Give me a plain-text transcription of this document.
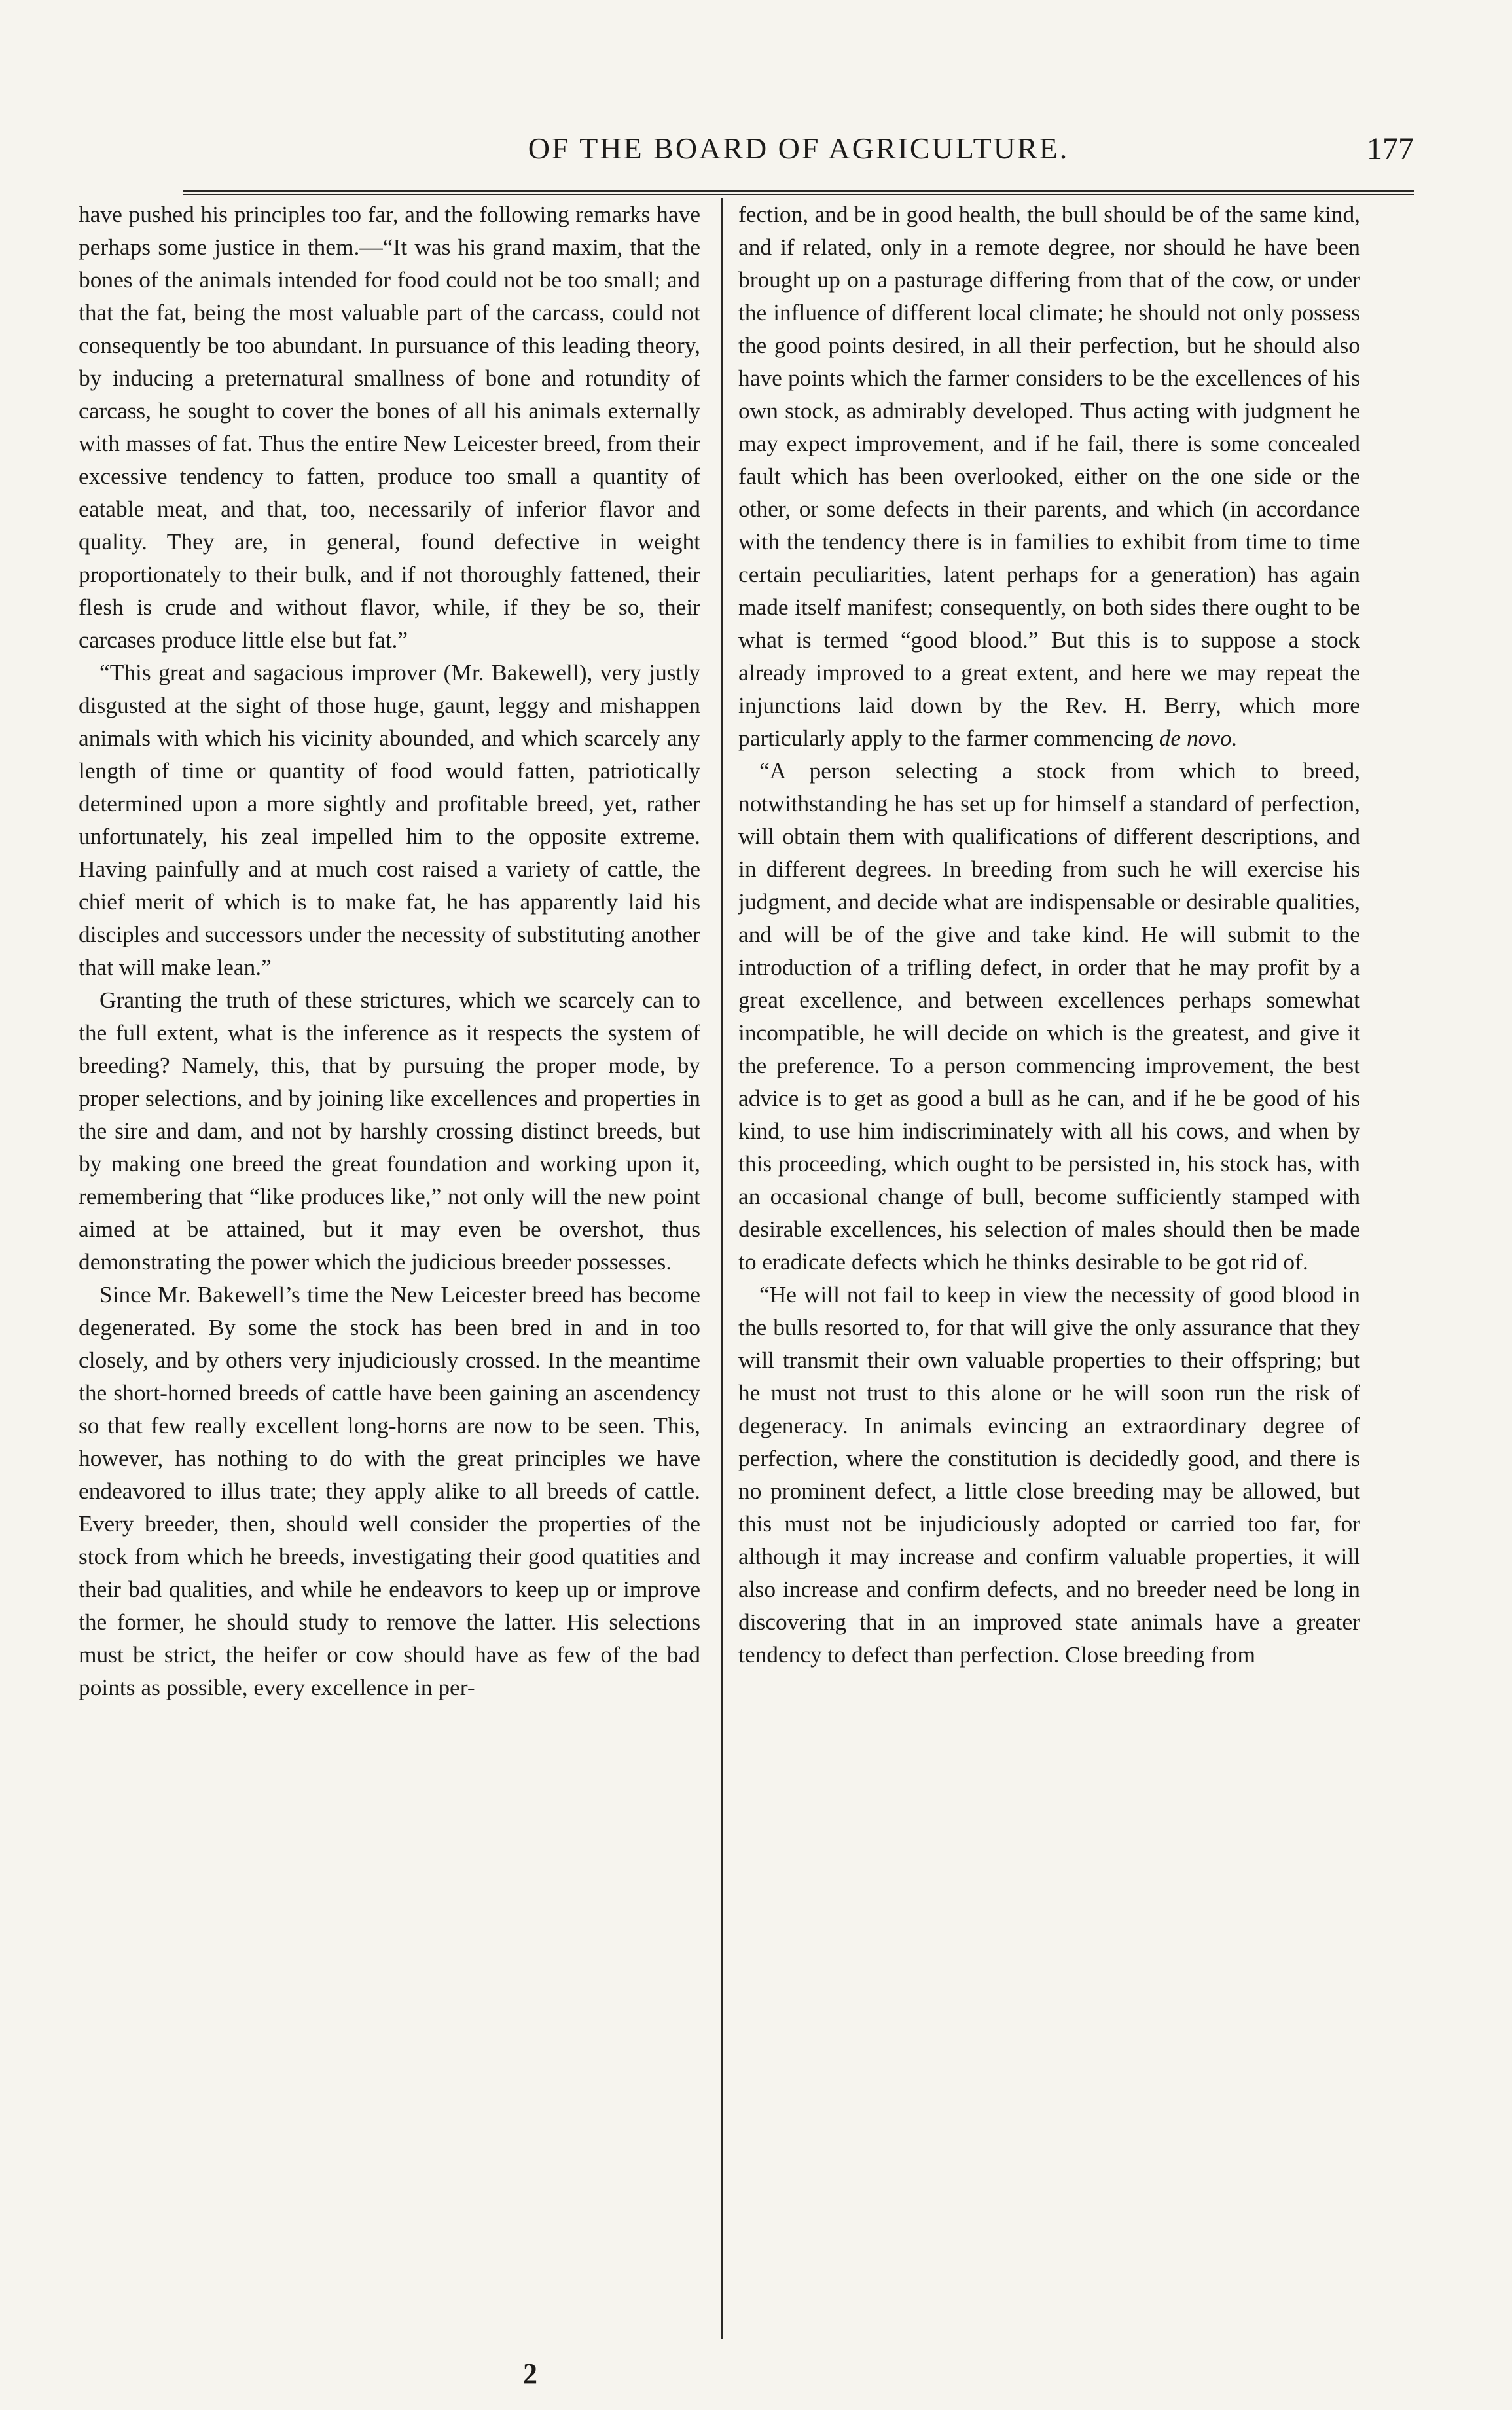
OF THE BOARD OF AGRICULTURE.	177

have pushed his principles too far, and the following remarks have perhaps some justice in them.—“It was his grand maxim, that the bones of the animals intended for food could not be too small; and that the fat, being the most valuable part of the carcass, could not consequently be too abundant. In pursuance of this leading theory, by inducing a preternatural smallness of bone and rotundity of carcass, he sought to cover the bones of all his animals externally with masses of fat. Thus the entire New Leicester breed, from their excessive tendency to fatten, produce too small a quantity of eatable meat, and that, too, necessarily of inferior flavor and quality. They are, in general, found defective in weight proportionately to their bulk, and if not thoroughly fattened, their flesh is crude and without flavor, while, if they be so, their carcases produce little else but fat.”

“This great and sagacious improver (Mr. Bakewell), very justly disgusted at the sight of those huge, gaunt, leggy and mishappen animals with which his vicinity abounded, and which scarcely any length of time or quantity of food would fatten, patriotically determined upon a more sightly and profitable breed, yet, rather unfortunately, his zeal impelled him to the opposite extreme. Having painfully and at much cost raised a variety of cattle, the chief merit of which is to make fat, he has apparently laid his disciples and successors under the necessity of substituting another that will make lean.”

Granting the truth of these strictures, which we scarcely can to the full extent, what is the inference as it respects the system of breeding? Namely, this, that by pursuing the proper mode, by proper selections, and by joining like excellences and properties in the sire and dam, and not by harshly crossing distinct breeds, but by making one breed the great foundation and working upon it, remembering that “like produces like,” not only will the new point aimed at be attained, but it may even be overshot, thus demonstrating the power which the judicious breeder possesses.

Since Mr. Bakewell’s time the New Leicester breed has become degenerated. By some the stock has been bred in and in too closely, and by others very injudiciously crossed. In the meantime the short-horned breeds of cattle have been gaining an ascendency so that few really excellent long-horns are now to be seen. This, however, has nothing to do with the great principles we have endeavored to illus trate; they apply alike to all breeds of cattle. Every breeder, then, should well consider the properties of the stock from which he breeds, investigating their good quatities and their bad qualities, and while he endeavors to keep up or improve the former, he should study to remove the latter. His selections must be strict, the heifer or cow should have as few of the bad points as possible, every excellence in per-

fection, and be in good health, the bull should be of the same kind, and if related, only in a remote degree, nor should he have been brought up on a pasturage differing from that of the cow, or under the influence of different local climate; he should not only possess the good points desired, in all their perfection, but he should also have points which the farmer considers to be the excellences of his own stock, as admirably developed. Thus acting with judgment he may expect improvement, and if he fail, there is some concealed fault which has been overlooked, either on the one side or the other, or some defects in their parents, and which (in accordance with the tendency there is in families to exhibit from time to time certain peculiarities, latent perhaps for a generation) has again made itself manifest; consequently, on both sides there ought to be what is termed “good blood.” But this is to suppose a stock already improved to a great extent, and here we may repeat the injunctions laid down by the Rev. H. Berry, which more particularly apply to the farmer commencing de novo.

“A person selecting a stock from which to breed, notwithstanding he has set up for himself a standard of perfection, will obtain them with qualifications of different descriptions, and in different degrees. In breeding from such he will exercise his judgment, and decide what are indispensable or desirable qualities, and will be of the give and take kind. He will submit to the introduction of a trifling defect, in order that he may profit by a great excellence, and between excellences perhaps somewhat incompatible, he will decide on which is the greatest, and give it the preference. To a person commencing improvement, the best advice is to get as good a bull as he can, and if he be good of his kind, to use him indiscriminately with all his cows, and when by this proceeding, which ought to be persisted in, his stock has, with an occasional change of bull, become sufficiently stamped with desirable excellences, his selection of males should then be made to eradicate defects which he thinks desirable to be got rid of.

“He will not fail to keep in view the necessity of good blood in the bulls resorted to, for that will give the only assurance that they will transmit their own valuable properties to their offspring; but he must not trust to this alone or he will soon run the risk of degeneracy. In animals evincing an extraordinary degree of perfection, where the constitution is decidedly good, and there is no prominent defect, a little close breeding may be allowed, but this must not be injudiciously adopted or carried too far, for although it may increase and confirm valuable properties, it will also increase and confirm defects, and no breeder need be long in discovering that in an improved state animals have a greater tendency to defect than perfection. Close breeding from

2
